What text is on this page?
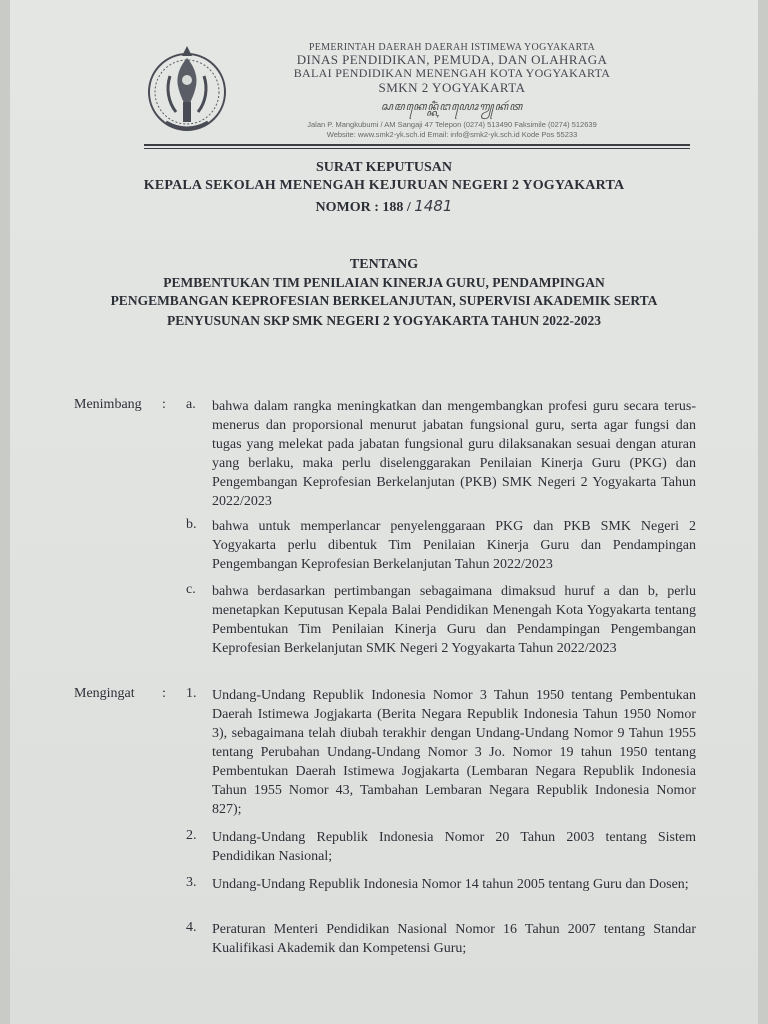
PEMERINTAH DAERAH DAERAH ISTIMEWA YOGYAKARTA
DINAS PENDIDIKAN, PEMUDA, DAN OLAHRAGA
BALAI PENDIDIKAN MENENGAH KOTA YOGYAKARTA
SMKN 2 YOGYAKARTA
ꦱꦩꦏꦺꦤ꧀ꦏꦶꦁꦔꦪꦺꦴꦒꦾꦏꦂꦠ
Jalan P. Mangkubumi / AM Sangaji 47 Telepon (0274) 513490 Faksimile (0274) 512639
Website: www.smk2-yk.sch.id Email: info@smk2-yk.sch.id Kode Pos 55233
SURAT KEPUTUSAN
KEPALA SEKOLAH MENENGAH KEJURUAN NEGERI 2 YOGYAKARTA
NOMOR : 188 / 1481
TENTANG
PEMBENTUKAN TIM PENILAIAN KINERJA GURU, PENDAMPINGAN
PENGEMBANGAN KEPROFESIAN BERKELANJUTAN, SUPERVISI AKADEMIK SERTA
PENYUSUNAN SKP SMK NEGERI 2 YOGYAKARTA TAHUN 2022-2023
Menimbang : a.	bahwa dalam rangka meningkatkan dan mengembangkan profesi guru secara terus-menerus dan proporsional menurut jabatan fungsional guru, serta agar fungsi dan tugas yang melekat pada jabatan fungsional guru dilaksanakan sesuai dengan aturan yang berlaku, maka perlu diselenggarakan Penilaian Kinerja Guru (PKG) dan Pengembangan Keprofesian Berkelanjutan (PKB) SMK Negeri 2 Yogyakarta Tahun 2022/2023
b.	bahwa untuk memperlancar penyelenggaraan PKG dan PKB SMK Negeri 2 Yogyakarta perlu dibentuk Tim Penilaian Kinerja Guru dan Pendampingan Pengembangan Keprofesian Berkelanjutan Tahun 2022/2023
c.	bahwa berdasarkan pertimbangan sebagaimana dimaksud huruf a dan b, perlu menetapkan Keputusan Kepala Balai Pendidikan Menengah Kota Yogyakarta tentang Pembentukan Tim Penilaian Kinerja Guru dan Pendampingan Pengembangan Keprofesian Berkelanjutan SMK Negeri 2 Yogyakarta Tahun 2022/2023
Mengingat : 1.	Undang-Undang Republik Indonesia Nomor 3 Tahun 1950 tentang Pembentukan Daerah Istimewa Jogjakarta (Berita Negara Republik Indonesia Tahun 1950 Nomor 3), sebagaimana telah diubah terakhir dengan Undang-Undang Nomor 9 Tahun 1955 tentang Perubahan Undang-Undang Nomor 3 Jo. Nomor 19 tahun 1950 tentang Pembentukan Daerah Istimewa Jogjakarta (Lembaran Negara Republik Indonesia Tahun 1955 Nomor 43, Tambahan Lembaran Negara Republik Indonesia Nomor 827);
2.	Undang-Undang Republik Indonesia Nomor 20 Tahun 2003 tentang Sistem Pendidikan Nasional;
3.	Undang-Undang Republik Indonesia Nomor 14 tahun 2005 tentang Guru dan Dosen;
4.	Peraturan Menteri Pendidikan Nasional Nomor 16 Tahun 2007 tentang Standar Kualifikasi Akademik dan Kompetensi Guru;
